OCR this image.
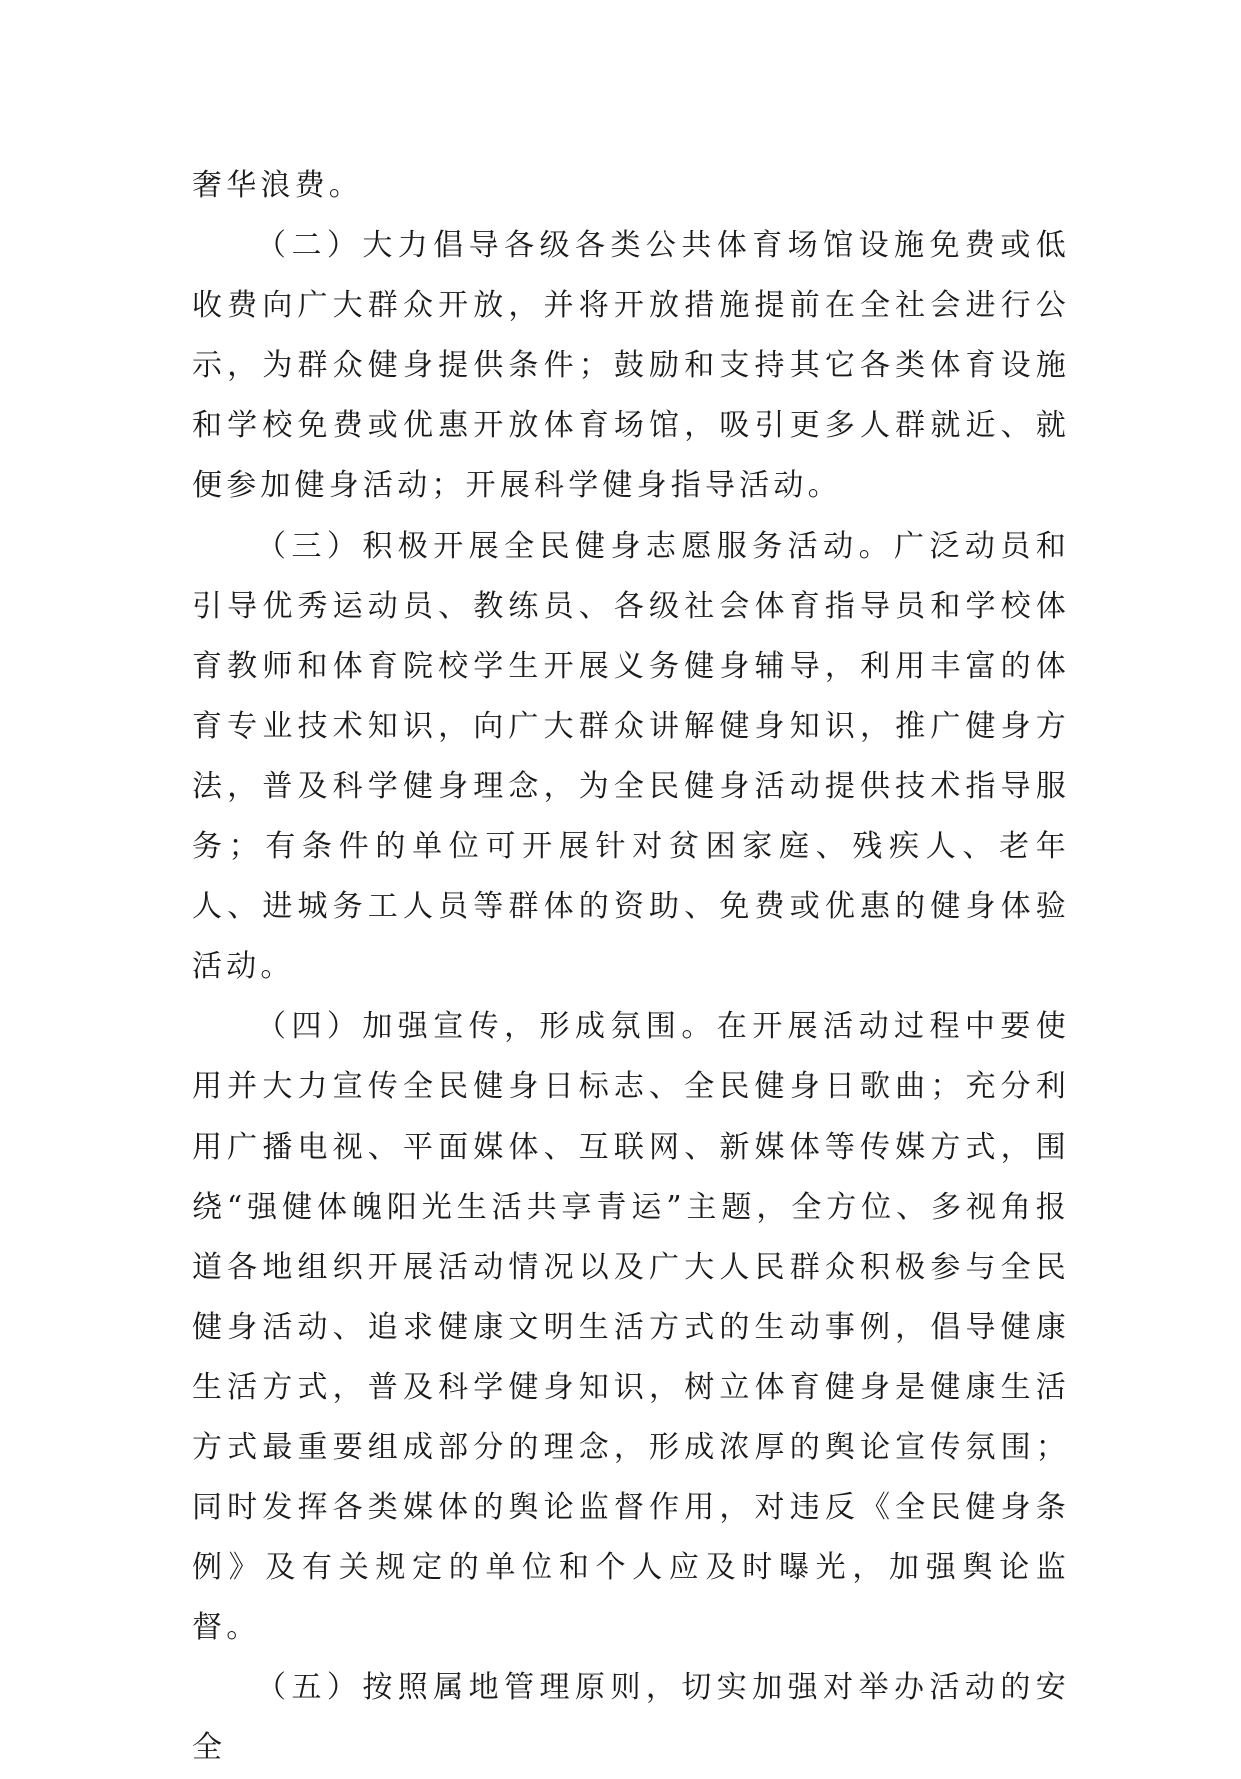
奢华浪费。

（二）大力倡导各级各类公共体育场馆设施免费或低收费向广大群众开放，并将开放措施提前在全社会进行公示，为群众健身提供条件；鼓励和支持其它各类体育设施和学校免费或优惠开放体育场馆，吸引更多人群就近、就便参加健身活动；开展科学健身指导活动。

（三）积极开展全民健身志愿服务活动。广泛动员和引导优秀运动员、教练员、各级社会体育指导员和学校体育教师和体育院校学生开展义务健身辅导，利用丰富的体育专业技术知识，向广大群众讲解健身知识，推广健身方法，普及科学健身理念，为全民健身活动提供技术指导服务；有条件的单位可开展针对贫困家庭、残疾人、老年人、进城务工人员等群体的资助、免费或优惠的健身体验活动。

（四）加强宣传，形成氛围。在开展活动过程中要使用并大力宣传全民健身日标志、全民健身日歌曲；充分利用广播电视、平面媒体、互联网、新媒体等传媒方式，围绕“强健体魄阳光生活共享青运”主题，全方位、多视角报道各地组织开展活动情况以及广大人民群众积极参与全民健身活动、追求健康文明生活方式的生动事例，倡导健康生活方式，普及科学健身知识，树立体育健身是健康生活方式最重要组成部分的理念，形成浓厚的舆论宣传氛围；同时发挥各类媒体的舆论监督作用，对违反《全民健身条例》及有关规定的单位和个人应及时曝光，加强舆论监督。

（五）按照属地管理原则，切实加强对举办活动的安全
